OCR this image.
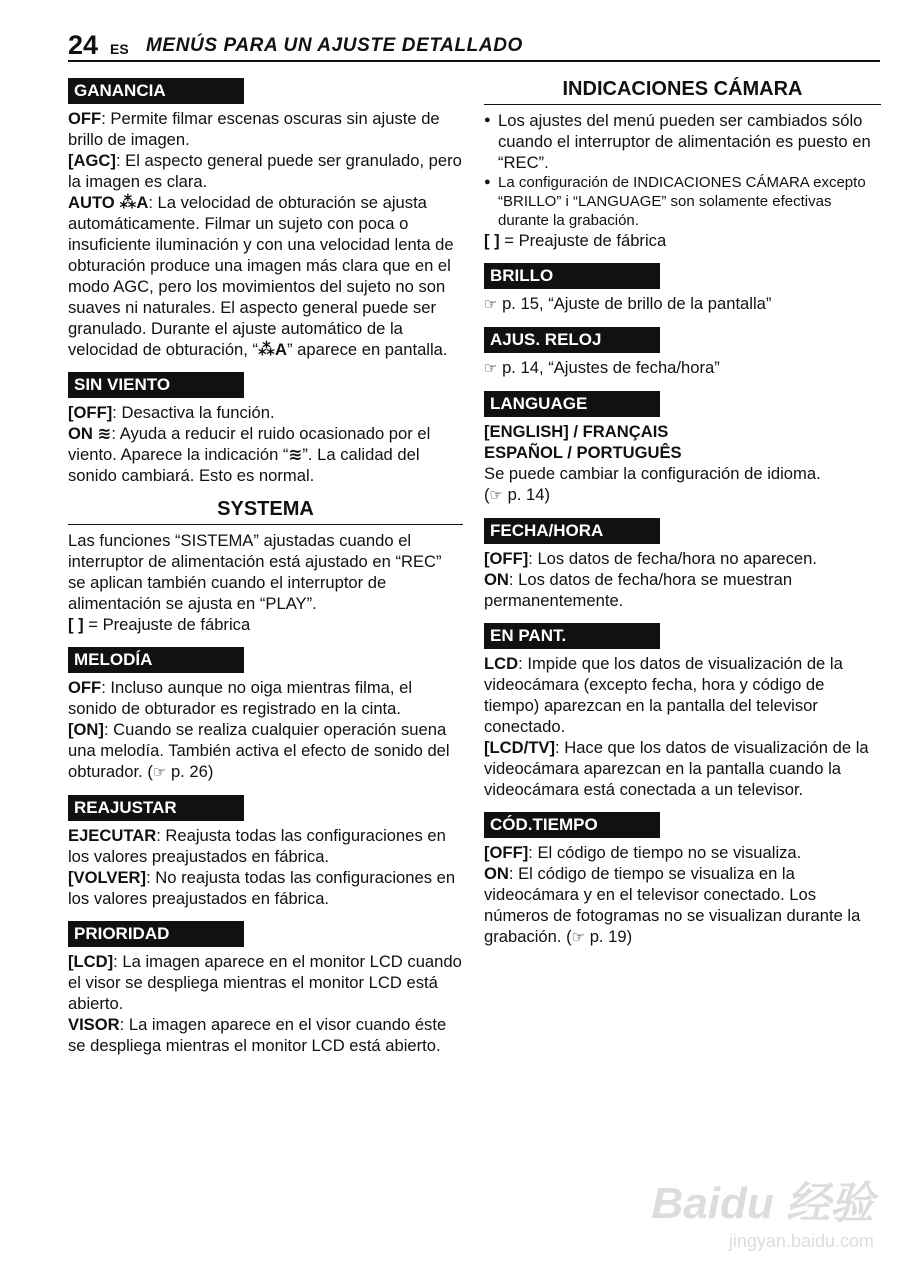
24 ES MENÚS PARA UN AJUSTE DETALLADO
GANANCIA

OFF: Permite filmar escenas oscuras sin ajuste de brillo de imagen.

[AGC]: El aspecto general puede ser granulado, pero la imagen es clara.

AUTO ⁂A: La velocidad de obturación se ajusta automáticamente. Filmar un sujeto con poca o insuficiente iluminación y con una velocidad lenta de obturación produce una imagen más clara que en el modo AGC, pero los movimientos del sujeto no son suaves ni naturales. El aspecto general puede ser granulado. Durante el ajuste automático de la velocidad de obturación, “⁂A” aparece en pantalla.

SIN VIENTO

[OFF]: Desactiva la función.

ON ≋: Ayuda a reducir el ruido ocasionado por el viento. Aparece la indicación “≋”. La calidad del sonido cambiará. Esto es normal.

SYSTEMA

Las funciones “SISTEMA” ajustadas cuando el interruptor de alimentación está ajustado en “REC” se aplican también cuando el interruptor de alimentación se ajusta en “PLAY”.

[ ] = Preajuste de fábrica

MELODÍA

OFF: Incluso aunque no oiga mientras filma, el sonido de obturador es registrado en la cinta.

[ON]: Cuando se realiza cualquier operación suena una melodía. También activa el efecto de sonido del obturador. (☞ p. 26)

REAJUSTAR

EJECUTAR: Reajusta todas las configuraciones en los valores preajustados en fábrica.

[VOLVER]: No reajusta todas las configuraciones en los valores preajustados en fábrica.

PRIORIDAD

[LCD]: La imagen aparece en el monitor LCD cuando el visor se despliega mientras el monitor LCD está abierto.

VISOR: La imagen aparece en el visor cuando éste se despliega mientras el monitor LCD está abierto.

INDICACIONES CÁMARA
● Los ajustes del menú pueden ser cambiados sólo cuando el interruptor de alimentación es puesto en “REC”.
● La configuración de INDICACIONES CÁMARA excepto “BRILLO” i “LANGUAGE” son solamente efectivas durante la grabación.

[ ] = Preajuste de fábrica

BRILLO

☞ p. 15, “Ajuste de brillo de la pantalla”

AJUS. RELOJ

☞ p. 14, “Ajustes de fecha/hora”

LANGUAGE

[ENGLISH] / FRANÇAIS

ESPAÑOL / PORTUGUÊS

Se puede cambiar la configuración de idioma.

(☞ p. 14)

FECHA/HORA

[OFF]: Los datos de fecha/hora no aparecen.

ON: Los datos de fecha/hora se muestran permanentemente.

EN PANT.

LCD: Impide que los datos de visualización de la videocámara (excepto fecha, hora y código de tiempo) aparezcan en la pantalla del televisor conectado.

[LCD/TV]: Hace que los datos de visualización de la videocámara aparezcan en la pantalla cuando la videocámara está conectada a un televisor.

CÓD.TIEMPO

[OFF]: El código de tiempo no se visualiza.

ON: El código de tiempo se visualiza en la videocámara y en el televisor conectado. Los números de fotogramas no se visualizan durante la grabación. (☞ p. 19)

Baidu 经验
jingyan.baidu.com
